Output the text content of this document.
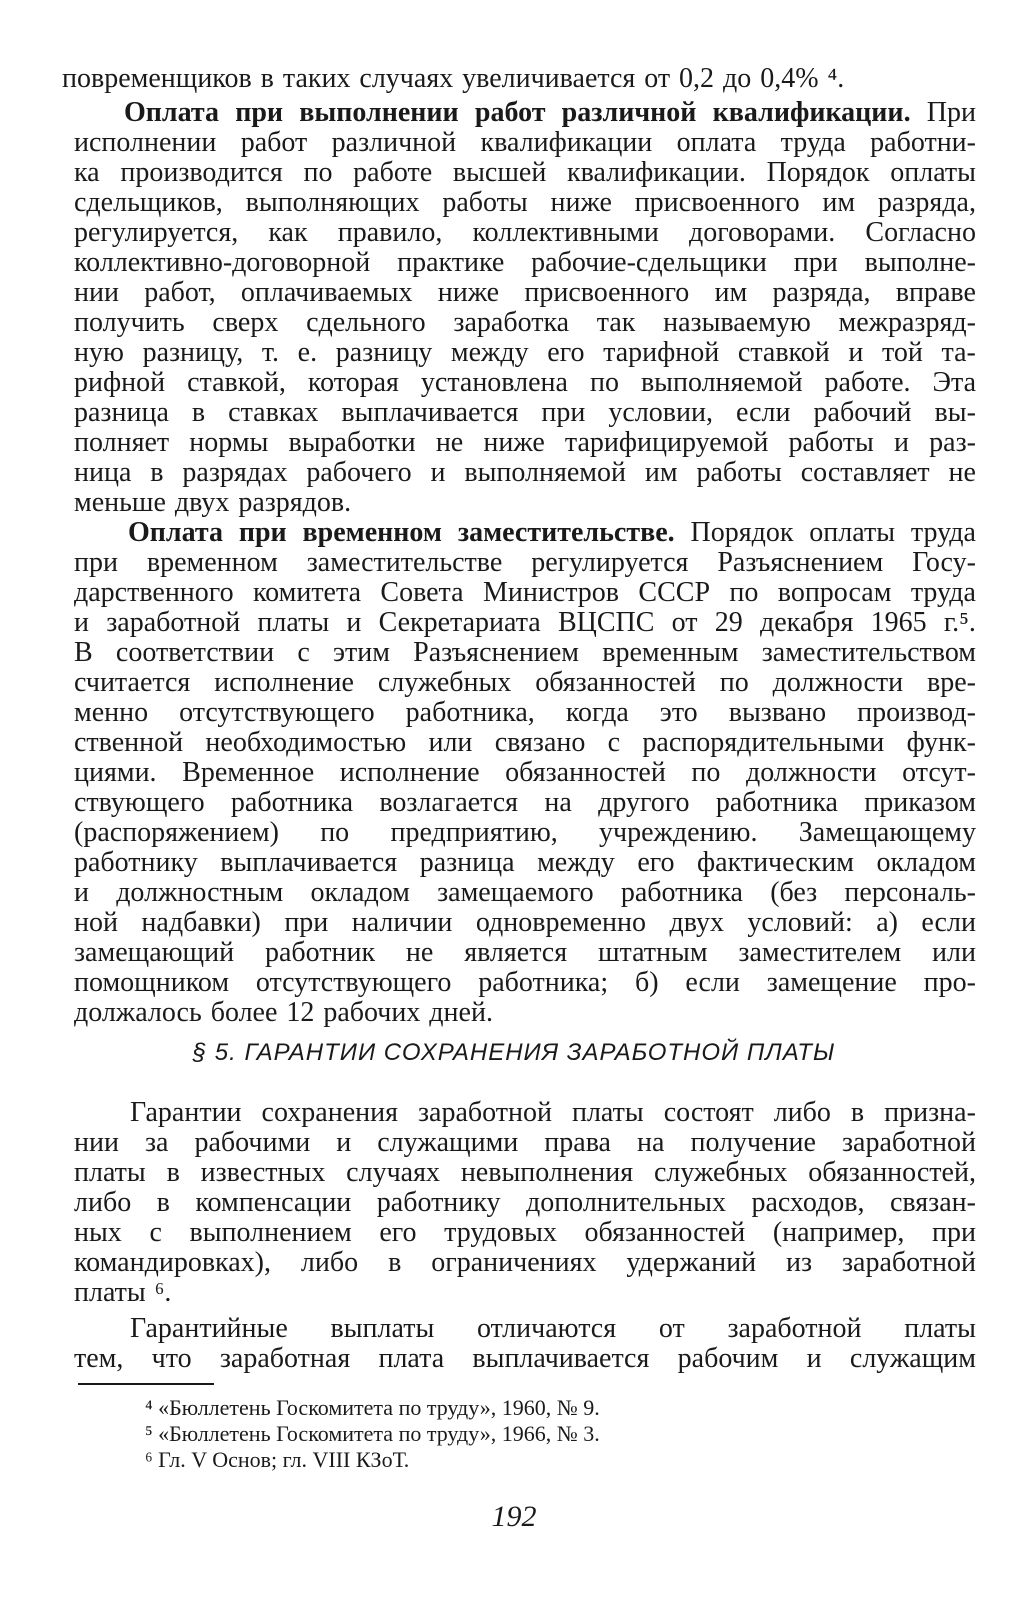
повременщиков в таких случаях увеличивается от 0,2 до 0,4% ⁴.
Оплата при выполнении работ различной квалификации. При
исполнении работ различной квалификации оплата труда работни-
ка производится по работе высшей квалификации. Порядок оплаты
сдельщиков, выполняющих работы ниже присвоенного им разряда,
регулируется, как правило, коллективными договорами. Согласно
коллективно-договорной практике рабочие-сдельщики при выполне-
нии работ, оплачиваемых ниже присвоенного им разряда, вправе
получить сверх сдельного заработка так называемую межразряд-
ную разницу, т. е. разницу между его тарифной ставкой и той та-
рифной ставкой, которая установлена по выполняемой работе. Эта
разница в ставках выплачивается при условии, если рабочий вы-
полняет нормы выработки не ниже тарифицируемой работы и раз-
ница в разрядах рабочего и выполняемой им работы составляет не
меньше двух разрядов.
Оплата при временном заместительстве. Порядок оплаты труда
при временном заместительстве регулируется Разъяснением Госу-
дарственного комитета Совета Министров СССР по вопросам труда
и заработной платы и Секретариата ВЦСПС от 29 декабря 1965 г.⁵.
В соответствии с этим Разъяснением временным заместительством
считается исполнение служебных обязанностей по должности вре-
менно отсутствующего работника, когда это вызвано производ-
ственной необходимостью или связано с распорядительными функ-
циями. Временное исполнение обязанностей по должности отсут-
ствующего работника возлагается на другого работника приказом
(распоряжением) по предприятию, учреждению. Замещающему
работнику выплачивается разница между его фактическим окладом
и должностным окладом замещаемого работника (без персональ-
ной надбавки) при наличии одновременно двух условий: а) если
замещающий работник не является штатным заместителем или
помощником отсутствующего работника; б) если замещение про-
должалось более 12 рабочих дней.
§ 5. ГАРАНТИИ СОХРАНЕНИЯ ЗАРАБОТНОЙ ПЛАТЫ
Гарантии сохранения заработной платы состоят либо в призна-
нии за рабочими и служащими права на получение заработной
платы в известных случаях невыполнения служебных обязанностей,
либо в компенсации работнику дополнительных расходов, связан-
ных с выполнением его трудовых обязанностей (например, при
командировках), либо в ограничениях удержаний из заработной
платы ⁶.
Гарантийные выплаты отличаются от заработной платы
тем, что заработная плата выплачивается рабочим и служащим
⁴ «Бюллетень Госкомитета по труду», 1960, № 9.
⁵ «Бюллетень Госкомитета по труду», 1966, № 3.
⁶ Гл. V Основ; гл. VIII КЗоТ.
192
